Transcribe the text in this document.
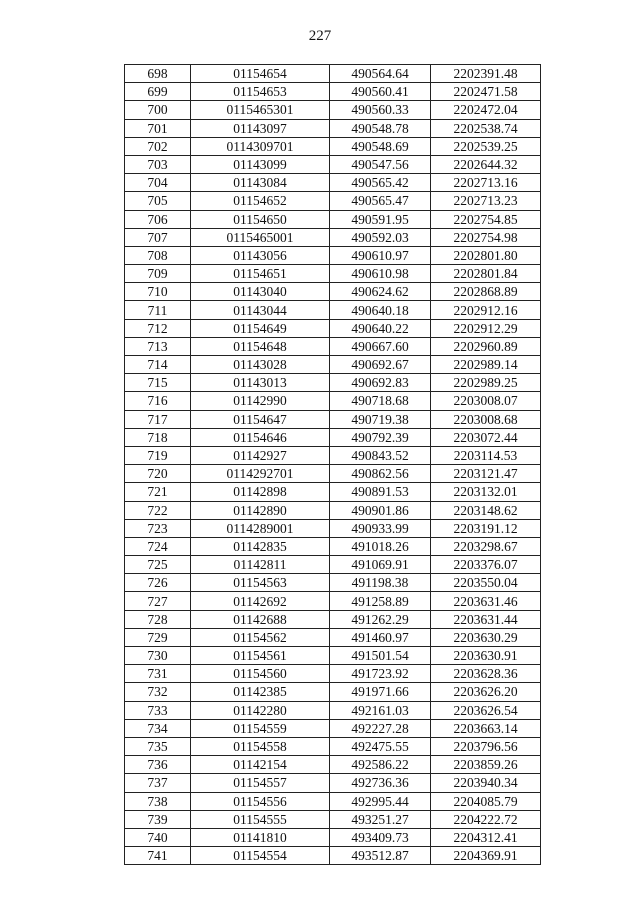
227
698	01154654	490564.64	2202391.48
699	01154653	490560.41	2202471.58
700	0115465301	490560.33	2202472.04
701	01143097	490548.78	2202538.74
702	0114309701	490548.69	2202539.25
703	01143099	490547.56	2202644.32
704	01143084	490565.42	2202713.16
705	01154652	490565.47	2202713.23
706	01154650	490591.95	2202754.85
707	0115465001	490592.03	2202754.98
708	01143056	490610.97	2202801.80
709	01154651	490610.98	2202801.84
710	01143040	490624.62	2202868.89
711	01143044	490640.18	2202912.16
712	01154649	490640.22	2202912.29
713	01154648	490667.60	2202960.89
714	01143028	490692.67	2202989.14
715	01143013	490692.83	2202989.25
716	01142990	490718.68	2203008.07
717	01154647	490719.38	2203008.68
718	01154646	490792.39	2203072.44
719	01142927	490843.52	2203114.53
720	0114292701	490862.56	2203121.47
721	01142898	490891.53	2203132.01
722	01142890	490901.86	2203148.62
723	0114289001	490933.99	2203191.12
724	01142835	491018.26	2203298.67
725	01142811	491069.91	2203376.07
726	01154563	491198.38	2203550.04
727	01142692	491258.89	2203631.46
728	01142688	491262.29	2203631.44
729	01154562	491460.97	2203630.29
730	01154561	491501.54	2203630.91
731	01154560	491723.92	2203628.36
732	01142385	491971.66	2203626.20
733	01142280	492161.03	2203626.54
734	01154559	492227.28	2203663.14
735	01154558	492475.55	2203796.56
736	01142154	492586.22	2203859.26
737	01154557	492736.36	2203940.34
738	01154556	492995.44	2204085.79
739	01154555	493251.27	2204222.72
740	01141810	493409.73	2204312.41
741	01154554	493512.87	2204369.91
